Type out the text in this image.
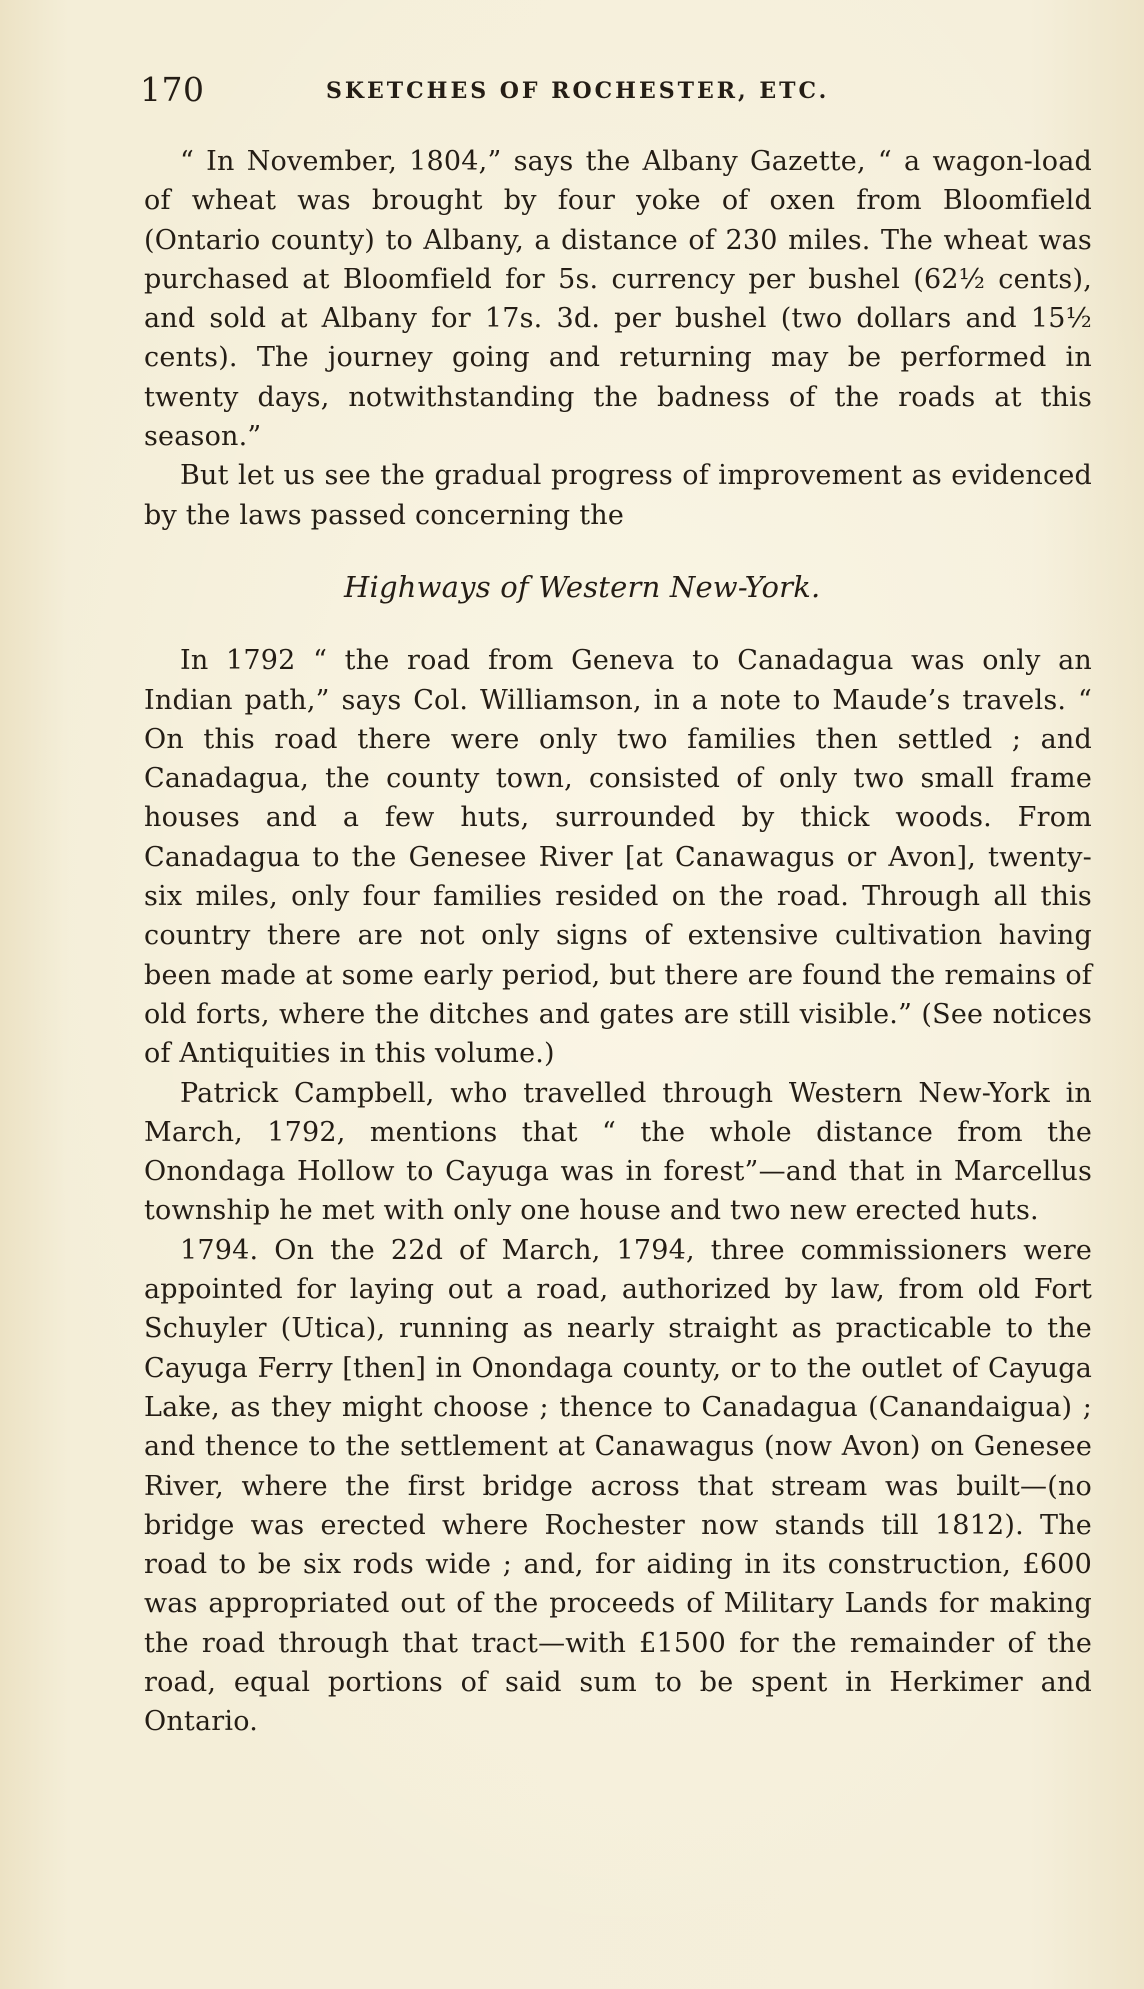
170	SKETCHES OF ROCHESTER, ETC.

“ In November, 1804,” says the Albany Gazette, “ a wagon-load of wheat was brought by four yoke of oxen from Bloomfield (Ontario county) to Albany, a distance of 230 miles. The wheat was purchased at Bloomfield for 5s. currency per bushel (62½ cents), and sold at Albany for 17s. 3d. per bushel (two dollars and 15½ cents). The journey going and returning may be performed in twenty days, notwithstanding the badness of the roads at this season.”

But let us see the gradual progress of improvement as evidenced by the laws passed concerning the

Highways of Western New-York.

In 1792 “ the road from Geneva to Canadagua was only an Indian path,” says Col. Williamson, in a note to Maude’s travels. “ On this road there were only two families then settled ; and Canadagua, the county town, consisted of only two small frame houses and a few huts, surrounded by thick woods. From Canadagua to the Genesee River [at Canawagus or Avon], twenty-six miles, only four families resided on the road. Through all this country there are not only signs of extensive cultivation having been made at some early period, but there are found the remains of old forts, where the ditches and gates are still visible.” (See notices of Antiquities in this volume.)

Patrick Campbell, who travelled through Western New-York in March, 1792, mentions that “ the whole distance from the Onondaga Hollow to Cayuga was in forest”—and that in Marcellus township he met with only one house and two new erected huts.

1794. On the 22d of March, 1794, three commissioners were appointed for laying out a road, authorized by law, from old Fort Schuyler (Utica), running as nearly straight as practicable to the Cayuga Ferry [then] in Onondaga county, or to the outlet of Cayuga Lake, as they might choose ; thence to Canadagua (Canandaigua) ; and thence to the settlement at Canawagus (now Avon) on Genesee River, where the first bridge across that stream was built—(no bridge was erected where Rochester now stands till 1812). The road to be six rods wide ; and, for aiding in its construction, £600 was appropriated out of the proceeds of Military Lands for making the road through that tract—with £1500 for the remainder of the road, equal portions of said sum to be spent in Herkimer and Ontario.
